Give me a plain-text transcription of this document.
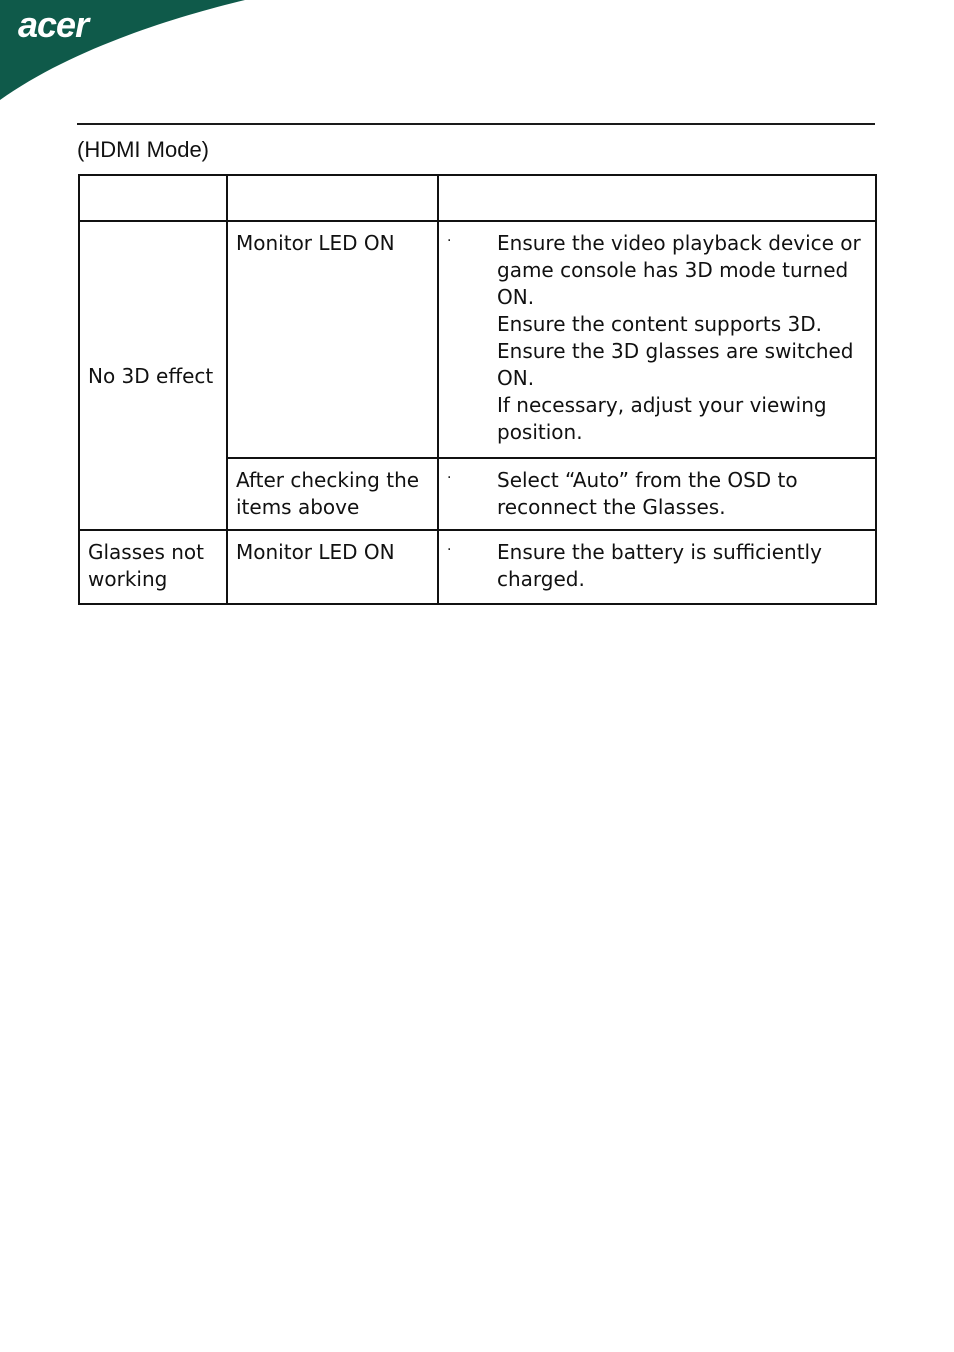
acer
(HDMI Mode)

No 3D effect	Monitor LED ON	· Ensure the video playback device or game console has 3D mode turned ON.
Ensure the content supports 3D.
Ensure the 3D glasses are switched ON.
If necessary, adjust your viewing position.

	After checking the items above	· Select “Auto” from the OSD to reconnect the Glasses.

Glasses not working	Monitor LED ON	· Ensure the battery is sufficiently charged.
